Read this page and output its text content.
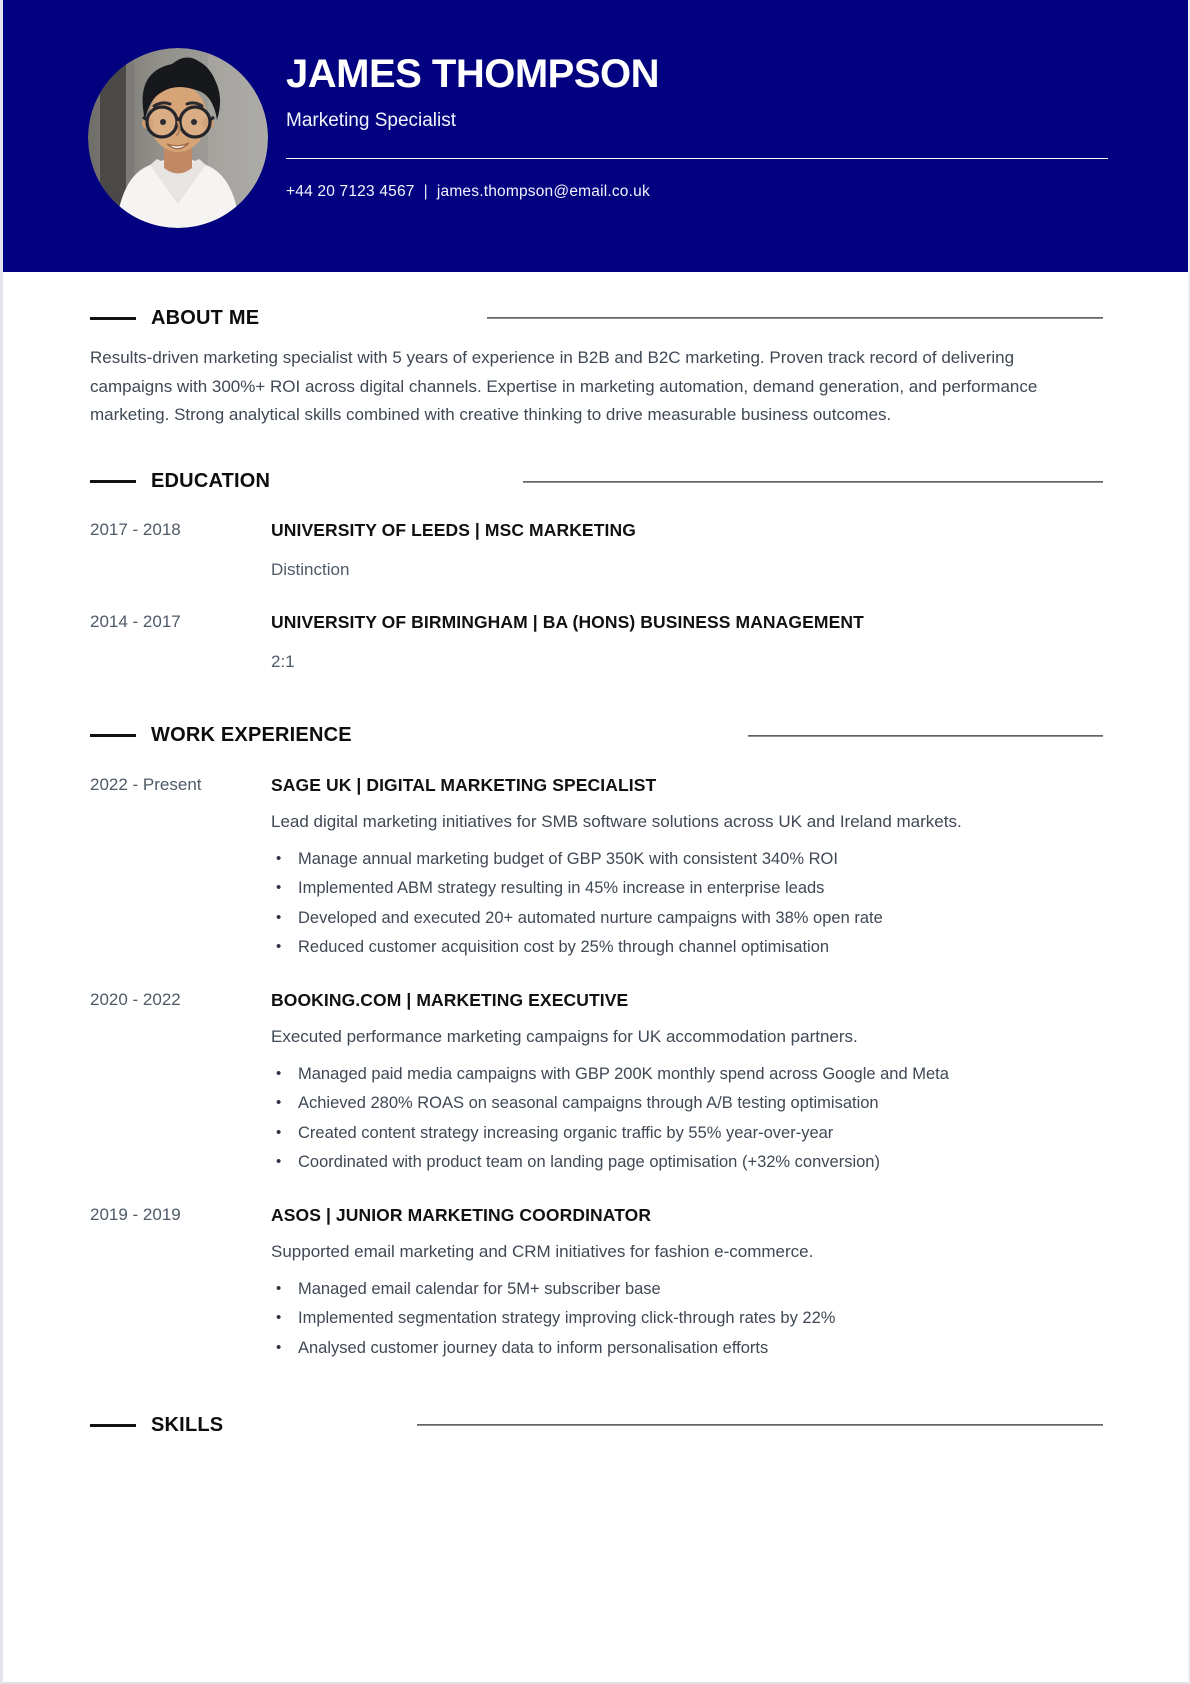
JAMES THOMPSON
Marketing Specialist
+44 20 7123 4567 | james.thompson@email.co.uk
ABOUT ME

Results-driven marketing specialist with 5 years of experience in B2B and B2C marketing. Proven track record of delivering campaigns with 300%+ ROI across digital channels. Expertise in marketing automation, demand generation, and performance marketing. Strong analytical skills combined with creative thinking to drive measurable business outcomes.

EDUCATION
2017 - 2018	UNIVERSITY OF LEEDS | MSC MARKETING
Distinction
2014 - 2017	UNIVERSITY OF BIRMINGHAM | BA (HONS) BUSINESS MANAGEMENT
2:1
WORK EXPERIENCE
2022 - Present	SAGE UK | DIGITAL MARKETING SPECIALIST

Lead digital marketing initiatives for SMB software solutions across UK and Ireland markets.

• Manage annual marketing budget of GBP 350K with consistent 340% ROI
• Implemented ABM strategy resulting in 45% increase in enterprise leads
• Developed and executed 20+ automated nurture campaigns with 38% open rate
• Reduced customer acquisition cost by 25% through channel optimisation
2020 - 2022	BOOKING.COM | MARKETING EXECUTIVE

Executed performance marketing campaigns for UK accommodation partners.

• Managed paid media campaigns with GBP 200K monthly spend across Google and Meta
• Achieved 280% ROAS on seasonal campaigns through A/B testing optimisation
• Created content strategy increasing organic traffic by 55% year-over-year
• Coordinated with product team on landing page optimisation (+32% conversion)
2019 - 2019	ASOS | JUNIOR MARKETING COORDINATOR

Supported email marketing and CRM initiatives for fashion e-commerce.

• Managed email calendar for 5M+ subscriber base
• Implemented segmentation strategy improving click-through rates by 22%
• Analysed customer journey data to inform personalisation efforts
SKILLS
